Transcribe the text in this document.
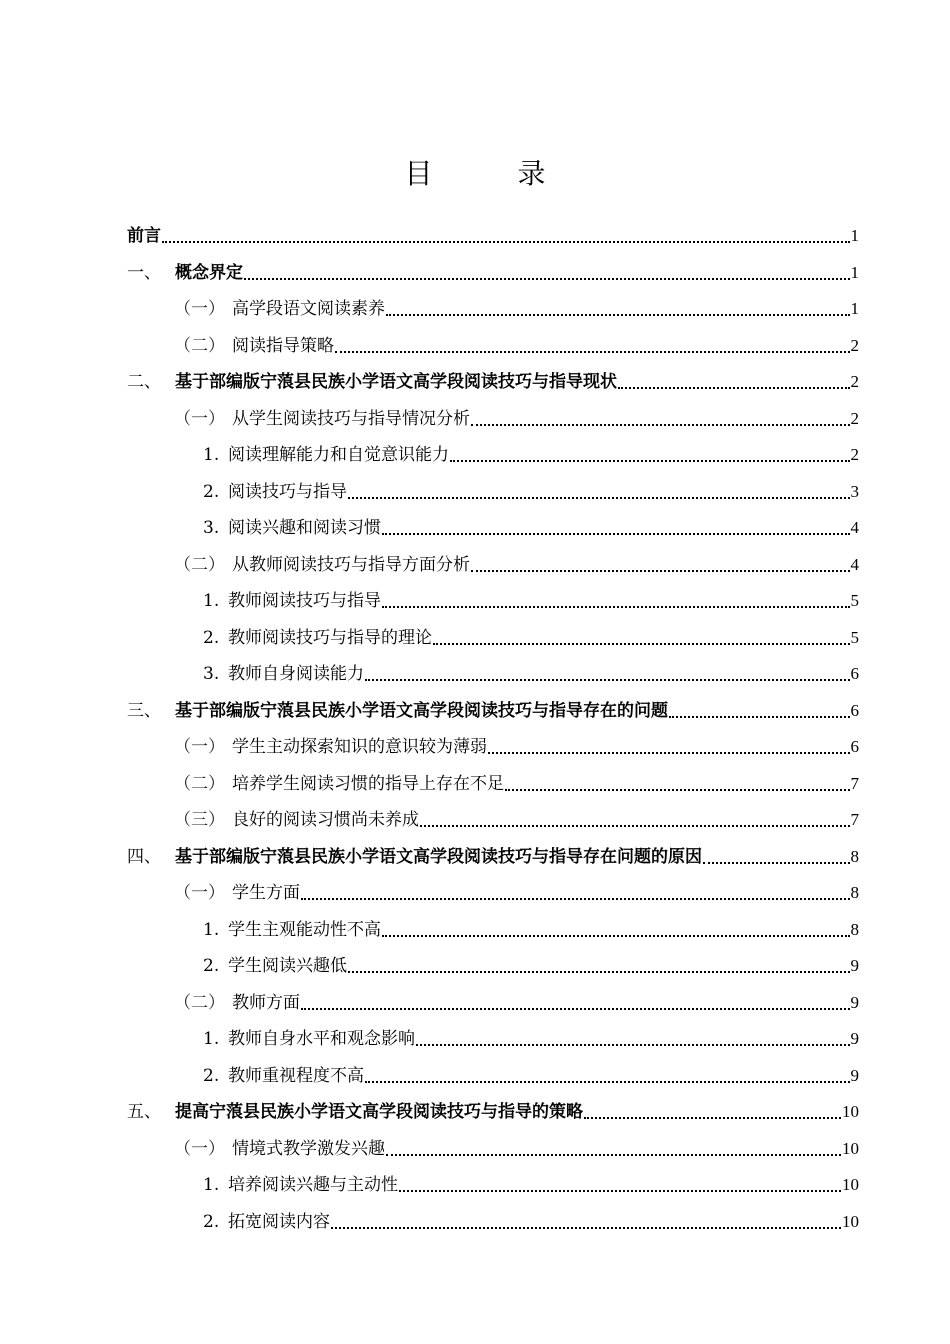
目 录
前言	1
一、 概念界定	1
（一） 高学段语文阅读素养	1
（二） 阅读指导策略	2
二、 基于部编版宁蒗县民族小学语文高学段阅读技巧与指导现状	2
（一） 从学生阅读技巧与指导情况分析	2
1. 阅读理解能力和自觉意识能力	2
2. 阅读技巧与指导	3
3. 阅读兴趣和阅读习惯	4
（二） 从教师阅读技巧与指导方面分析	4
1. 教师阅读技巧与指导	5
2. 教师阅读技巧与指导的理论	5
3. 教师自身阅读能力	6
三、 基于部编版宁蒗县民族小学语文高学段阅读技巧与指导存在的问题	6
（一） 学生主动探索知识的意识较为薄弱	6
（二） 培养学生阅读习惯的指导上存在不足	7
（三） 良好的阅读习惯尚未养成	7
四、 基于部编版宁蒗县民族小学语文高学段阅读技巧与指导存在问题的原因	8
（一） 学生方面	8
1. 学生主观能动性不高	8
2. 学生阅读兴趣低	9
（二） 教师方面	9
1. 教师自身水平和观念影响	9
2. 教师重视程度不高	9
五、 提高宁蒗县民族小学语文高学段阅读技巧与指导的策略	10
（一） 情境式教学激发兴趣	10
1. 培养阅读兴趣与主动性	10
2. 拓宽阅读内容	10
